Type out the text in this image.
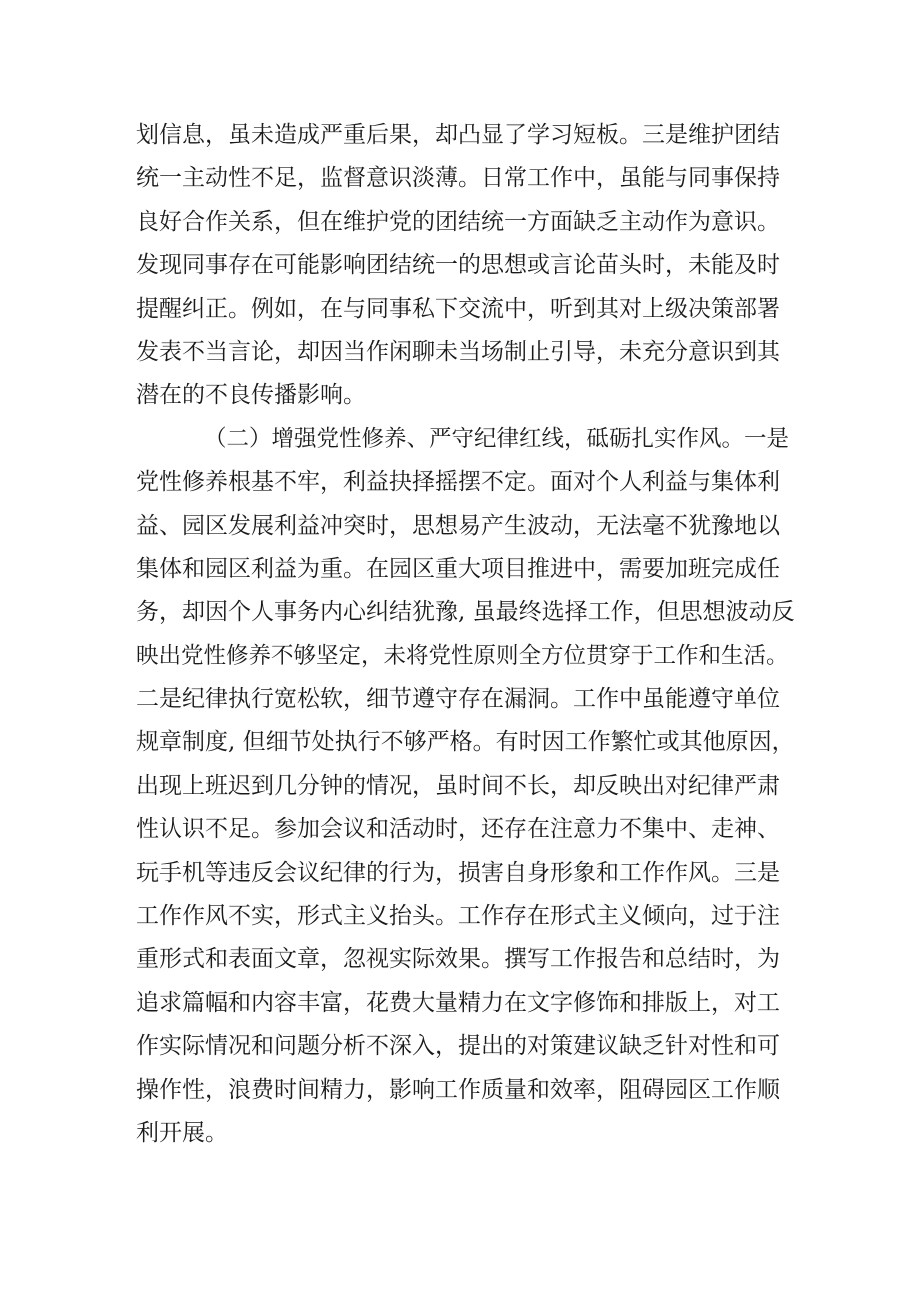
划信息，虽未造成严重后果，却凸显了学习短板。三是维护团结
统一主动性不足，监督意识淡薄。日常工作中，虽能与同事保持
良好合作关系，但在维护党的团结统一方面缺乏主动作为意识。
发现同事存在可能影响团结统一的思想或言论苗头时，未能及时
提醒纠正。例如，在与同事私下交流中，听到其对上级决策部署
发表不当言论，却因当作闲聊未当场制止引导，未充分意识到其
潜在的不良传播影响。
（二）增强党性修养、严守纪律红线，砥砺扎实作风。一是
党性修养根基不牢，利益抉择摇摆不定。面对个人利益与集体利
益、园区发展利益冲突时，思想易产生波动，无法毫不犹豫地以
集体和园区利益为重。在园区重大项目推进中，需要加班完成任
务，却因个人事务内心纠结犹豫, 虽最终选择工作，但思想波动反
映出党性修养不够坚定，未将党性原则全方位贯穿于工作和生活。
二是纪律执行宽松软，细节遵守存在漏洞。工作中虽能遵守单位
规章制度, 但细节处执行不够严格。有时因工作繁忙或其他原因，
出现上班迟到几分钟的情况，虽时间不长，却反映出对纪律严肃
性认识不足。参加会议和活动时，还存在注意力不集中、走神、
玩手机等违反会议纪律的行为，损害自身形象和工作作风。三是
工作作风不实，形式主义抬头。工作存在形式主义倾向，过于注
重形式和表面文章，忽视实际效果。撰写工作报告和总结时，为
追求篇幅和内容丰富，花费大量精力在文字修饰和排版上，对工
作实际情况和问题分析不深入，提出的对策建议缺乏针对性和可
操作性，浪费时间精力，影响工作质量和效率，阻碍园区工作顺
利开展。
